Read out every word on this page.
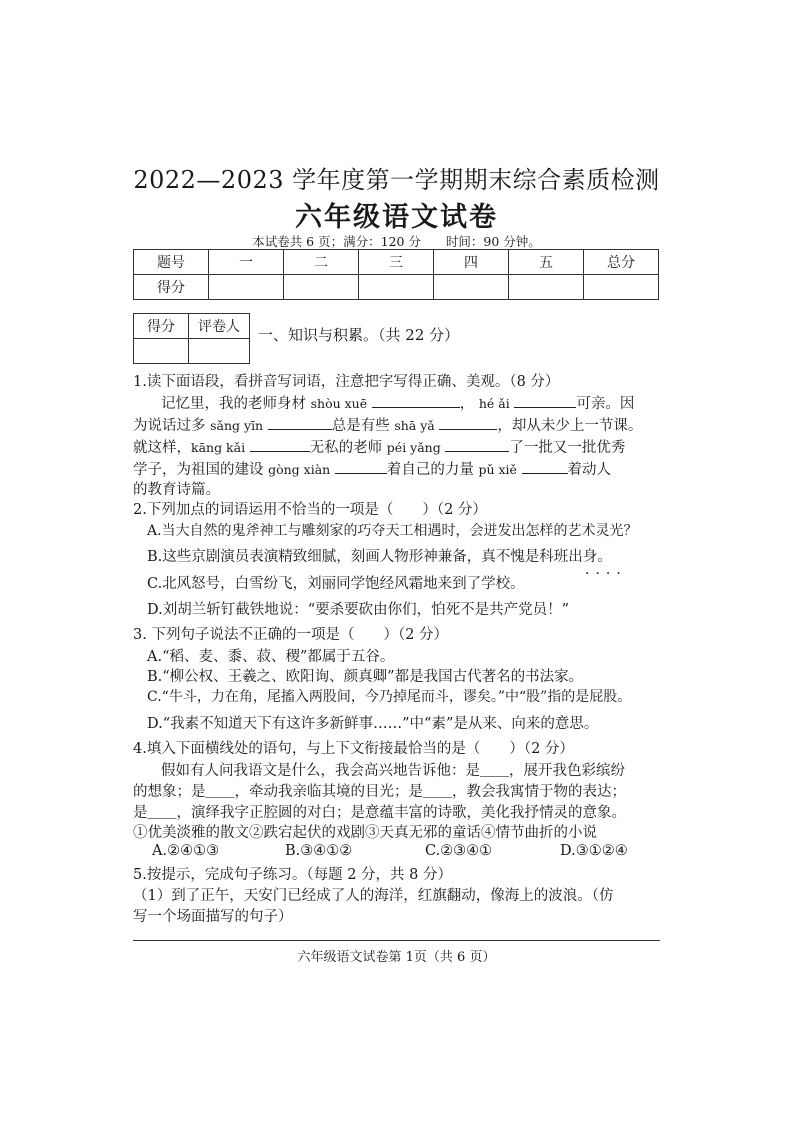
2022—2023 学年度第一学期期末综合素质检测
六年级语文试卷
本试卷共 6 页；满分：120 分　　时间：90 分钟。
题号	一	二	三	四	五	总分
得分						
得分	评卷人
	一、知识与积累。（共 22 分）
1.读下面语段，看拼音写词语，注意把字写得正确、美观。（8 分）
记忆里，我的老师身材 shòu xuē	， hé ǎi	可亲。因
为说话过多 sǎng yīn	总是有些 shā yǎ	，却从未少上一节课。
就这样，kāng kǎi	无私的老师 péi yǎng	了一批又一批优秀
学子，为祖国的建设 gòng xiàn	着自己的力量 pǔ xiě	着动人
的教育诗篇。
2.下列加点的词语运用不恰当的一项是（　　）（2 分）
A.当大自然的鬼斧神工与雕刻家的巧夺天工相遇时，会迸发出怎样的艺术灵光？
B.这些京剧演员表演精致细腻，刻画人物形神兼备，真不愧是科班出身。
····
C.北风怒号，白雪纷飞，刘丽同学饱经风霜地来到了学校。
D.刘胡兰斩钉截铁地说：“要杀要砍由你们，怕死不是共产党员！”
3. 下列句子说法不正确的一项是（　　）（2 分）
A.“稻、麦、黍、菽、稷”都属于五谷。
B.“柳公权、王羲之、欧阳询、颜真卿”都是我国古代著名的书法家。
C.“牛斗，力在角，尾搐入两股间，今乃掉尾而斗，谬矣。”中“股”指的是屁股。
D.“我素不知道天下有这许多新鲜事……”中“素”是从来、向来的意思。
4.填入下面横线处的语句，与上下文衔接最恰当的是（　　）（2 分）
假如有人问我语文是什么，我会高兴地告诉他：是＿＿，展开我色彩缤纷
的想象；是＿＿，牵动我亲临其境的目光；是＿＿，教会我寓情于物的表达；
是＿＿，演绎我字正腔圆的对白；是意蕴丰富的诗歌，美化我抒情灵的意象。
①优美淡雅的散文②跌宕起伏的戏剧③天真无邪的童话④情节曲折的小说
A.②④①③	B.③④①②	C.②③④①	D.③①②④
5.按提示，完成句子练习。（每题 2 分，共 8 分）
（1）到了正午，天安门已经成了人的海洋，红旗翻动，像海上的波浪。（仿
写一个场面描写的句子）
六年级语文试卷第 1页（共 6 页）
